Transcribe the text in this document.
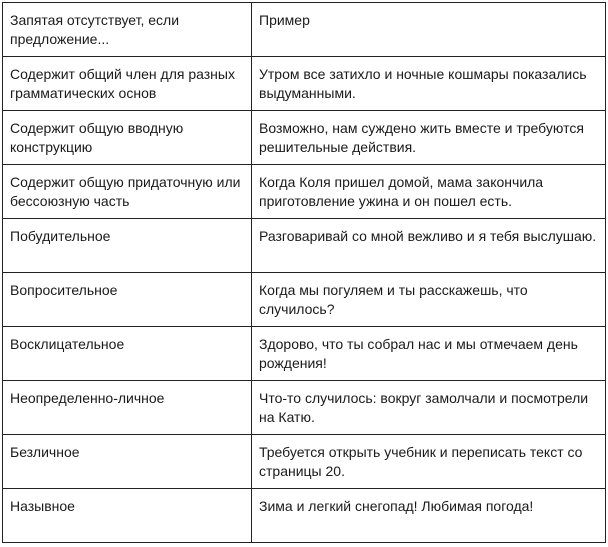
Запятая отсутствует, если предложение...	Пример
Содержит общий член для разных грамматических основ	Утром все затихло и ночные кошмары показались выдуманными.
Содержит общую вводную конструкцию	Возможно, нам суждено жить вместе и требуются решительные действия.
Содержит общую придаточную или бессоюзную часть	Когда Коля пришел домой, мама закончила приготовление ужина и он пошел есть.
Побудительное	Разговаривай со мной вежливо и я тебя выслушаю.
Вопросительное	Когда мы погуляем и ты расскажешь, что случилось?
Восклицательное	Здорово, что ты собрал нас и мы отмечаем день рождения!
Неопределенно-личное	Что-то случилось: вокруг замолчали и посмотрели на Катю.
Безличное	Требуется открыть учебник и переписать текст со страницы 20.
Назывное	Зима и легкий снегопад! Любимая погода!
